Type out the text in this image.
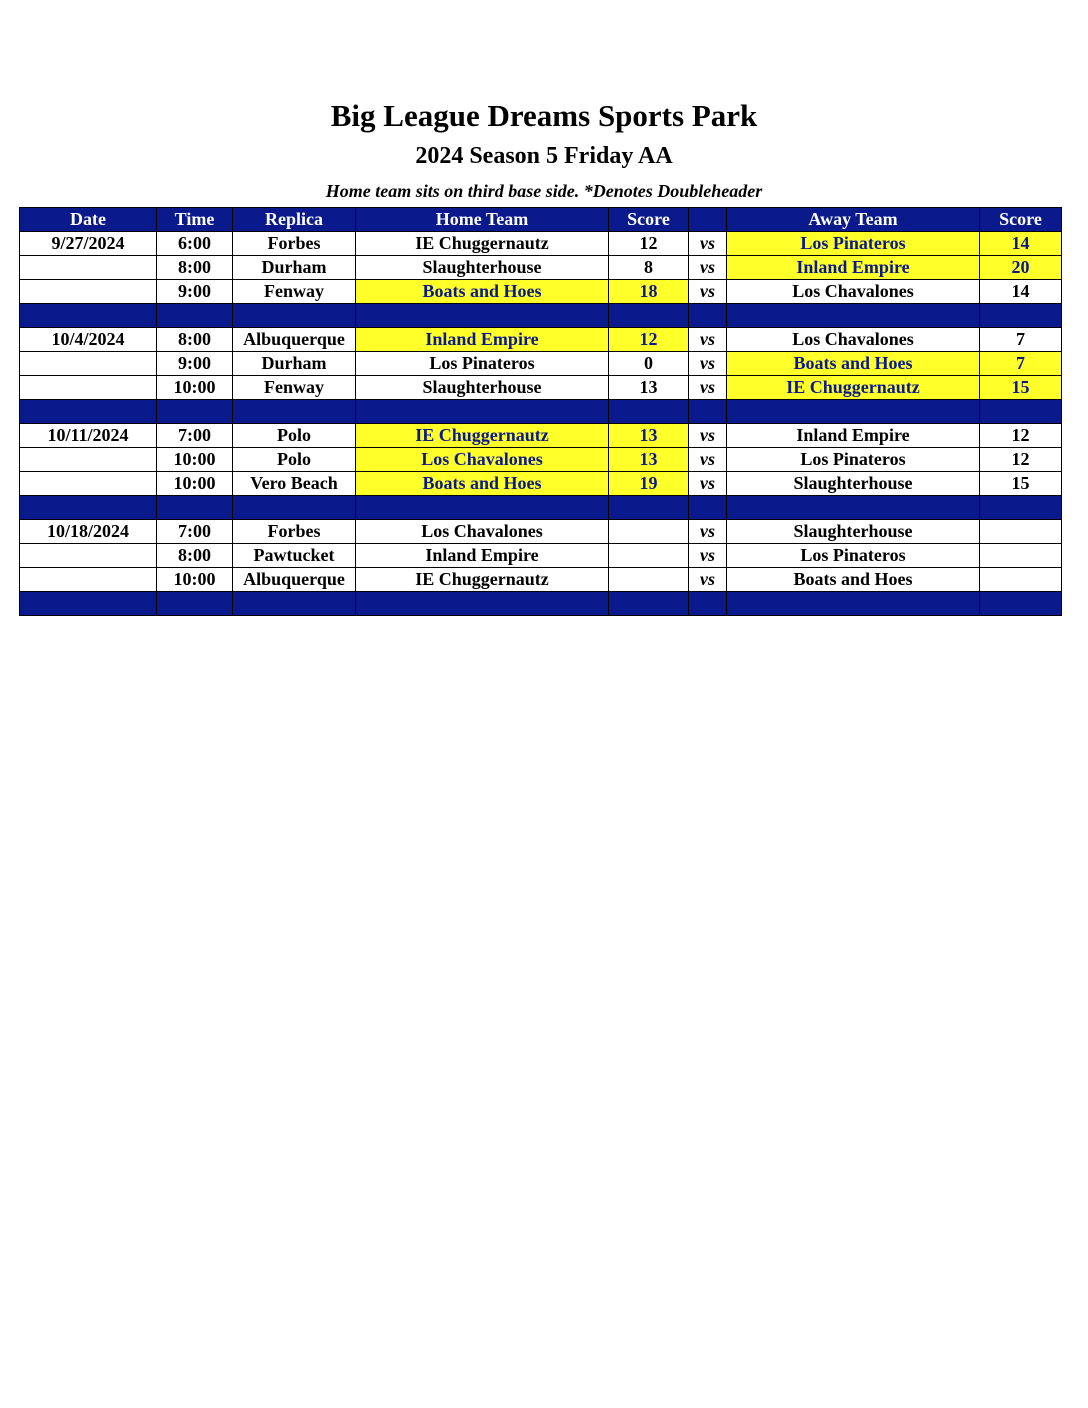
Big League Dreams Sports Park
2024 Season 5 Friday AA
Home team sits on third base side. *Denotes Doubleheader
Date	Time	Replica	Home Team	Score		Away Team	Score
9/27/2024	6:00	Forbes	IE Chuggernautz	12	vs	Los Pinateros	14
	8:00	Durham	Slaughterhouse	8	vs	Inland Empire	20
	9:00	Fenway	Boats and Hoes	18	vs	Los Chavalones	14

10/4/2024	8:00	Albuquerque	Inland Empire	12	vs	Los Chavalones	7
	9:00	Durham	Los Pinateros	0	vs	Boats and Hoes	7
	10:00	Fenway	Slaughterhouse	13	vs	IE Chuggernautz	15

10/11/2024	7:00	Polo	IE Chuggernautz	13	vs	Inland Empire	12
	10:00	Polo	Los Chavalones	13	vs	Los Pinateros	12
	10:00	Vero Beach	Boats and Hoes	19	vs	Slaughterhouse	15

10/18/2024	7:00	Forbes	Los Chavalones		vs	Slaughterhouse	
	8:00	Pawtucket	Inland Empire		vs	Los Pinateros	
	10:00	Albuquerque	IE Chuggernautz		vs	Boats and Hoes	
